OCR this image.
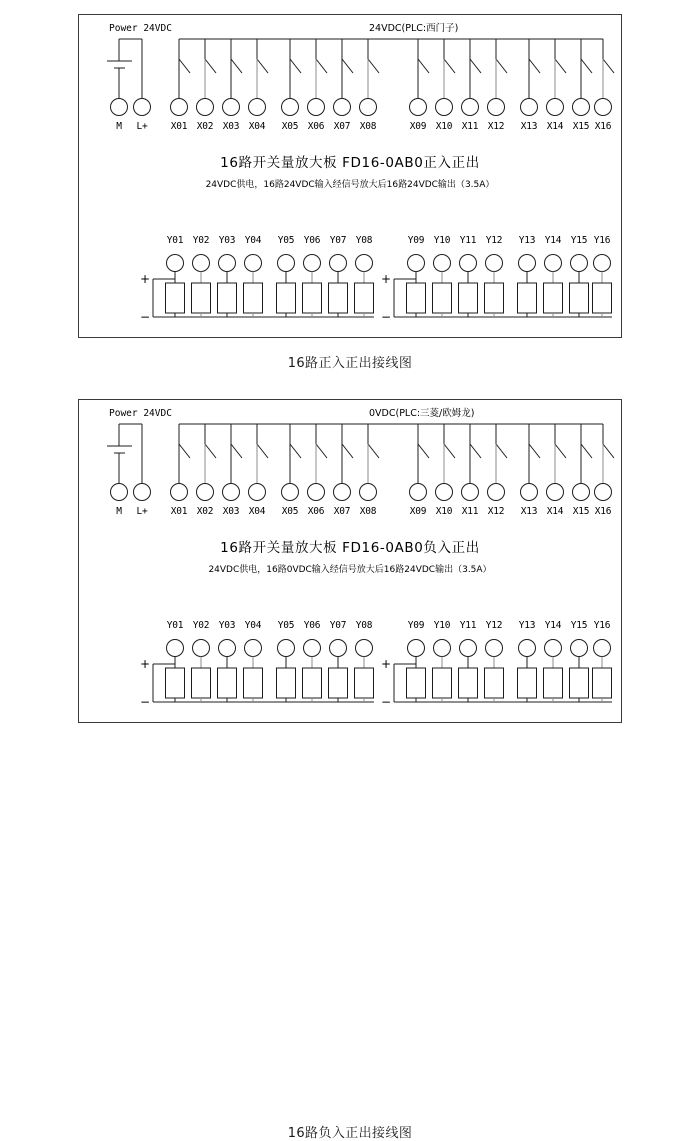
Power 24VDC	24VDC(PLC:西门子)
M L+ X01 X02 X03 X04 X05 X06 X07 X08	X09 X10 X11 X12 X13 X14 X15 X16
16路开关量放大板 FD16-0AB0正入正出
24VDC供电，16路24VDC输入经信号放大后16路24VDC输出（3.5A）
+
−
Y01 Y02 Y03 Y04 Y05 Y06 Y07 Y08
+
−
Y09 Y10 Y11 Y12 Y13 Y14 Y15 Y16
16路正入正出接线图
Power 24VDC	0VDC(PLC:三菱/欧姆龙)
M L+ X01 X02 X03 X04 X05 X06 X07 X08	X09 X10 X11 X12 X13 X14 X15 X16
16路开关量放大板 FD16-0AB0负入正出
24VDC供电，16路0VDC输入经信号放大后16路24VDC输出（3.5A）
+
−
Y01 Y02 Y03 Y04 Y05 Y06 Y07 Y08
+
−
Y09 Y10 Y11 Y12 Y13 Y14 Y15 Y16
16路负入正出接线图
